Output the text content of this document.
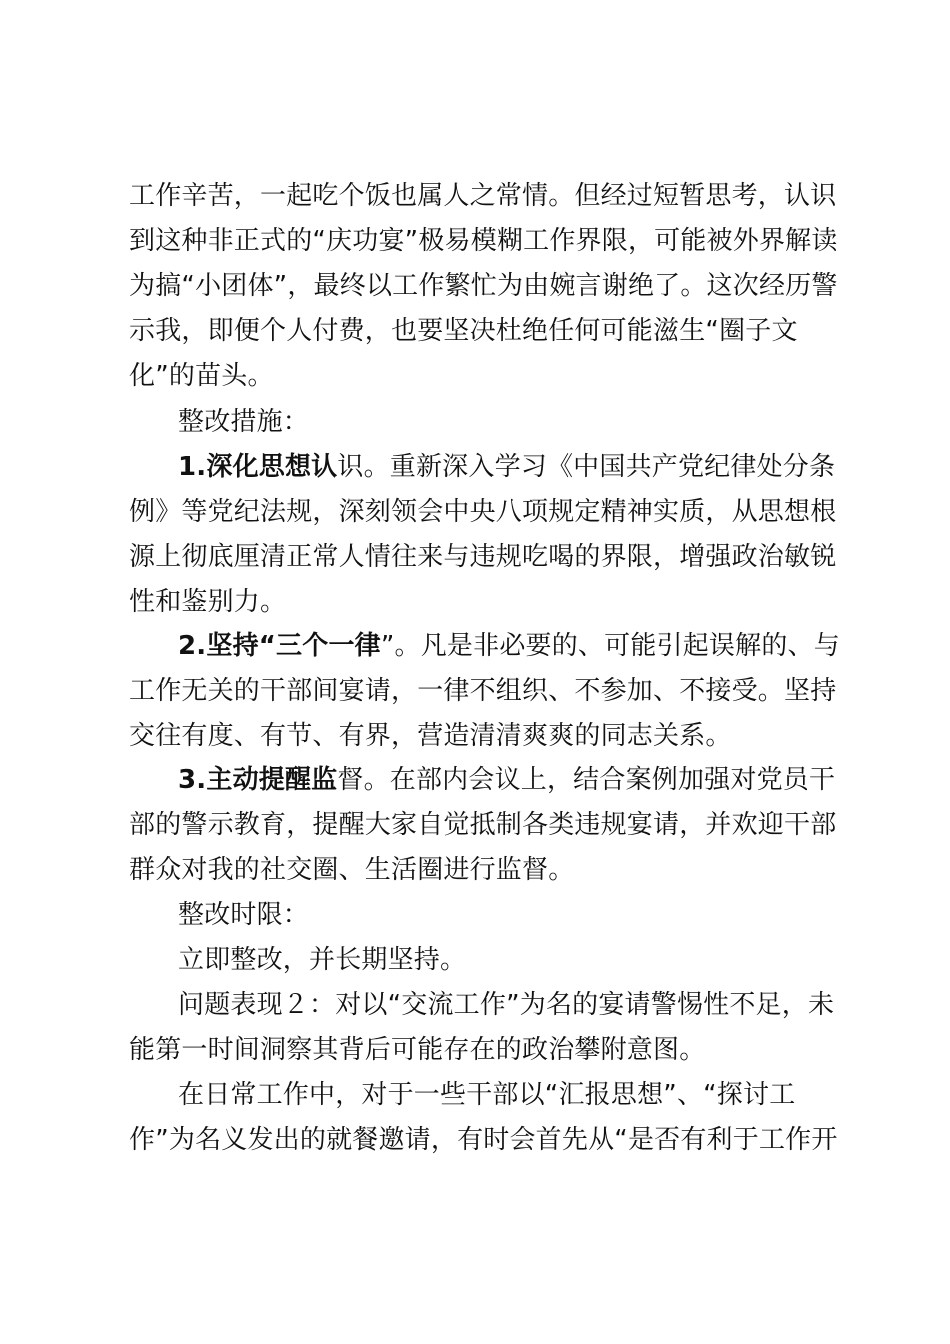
工作辛苦，一起吃个饭也属人之常情。但经过短暂思考，认识
到这种非正式的“庆功宴”极易模糊工作界限，可能被外界解读
为搞“小团体”，最终以工作繁忙为由婉言谢绝了。这次经历警
示我，即便个人付费，也要坚决杜绝任何可能滋生“圈子文
化”的苗头。
整改措施：
1.深化思想认识。重新深入学习《中国共产党纪律处分条
例》等党纪法规，深刻领会中央八项规定精神实质，从思想根
源上彻底厘清正常人情往来与违规吃喝的界限，增强政治敏锐
性和鉴别力。
2.坚持“三个一律”。凡是非必要的、可能引起误解的、与
工作无关的干部间宴请，一律不组织、不参加、不接受。坚持
交往有度、有节、有界，营造清清爽爽的同志关系。
3.主动提醒监督。在部内会议上，结合案例加强对党员干
部的警示教育，提醒大家自觉抵制各类违规宴请，并欢迎干部
群众对我的社交圈、生活圈进行监督。
整改时限：
立即整改，并长期坚持。
问题表现２：对以“交流工作”为名的宴请警惕性不足，未
能第一时间洞察其背后可能存在的政治攀附意图。
在日常工作中，对于一些干部以“汇报思想”、“探讨工
作”为名义发出的就餐邀请，有时会首先从“是否有利于工作开
